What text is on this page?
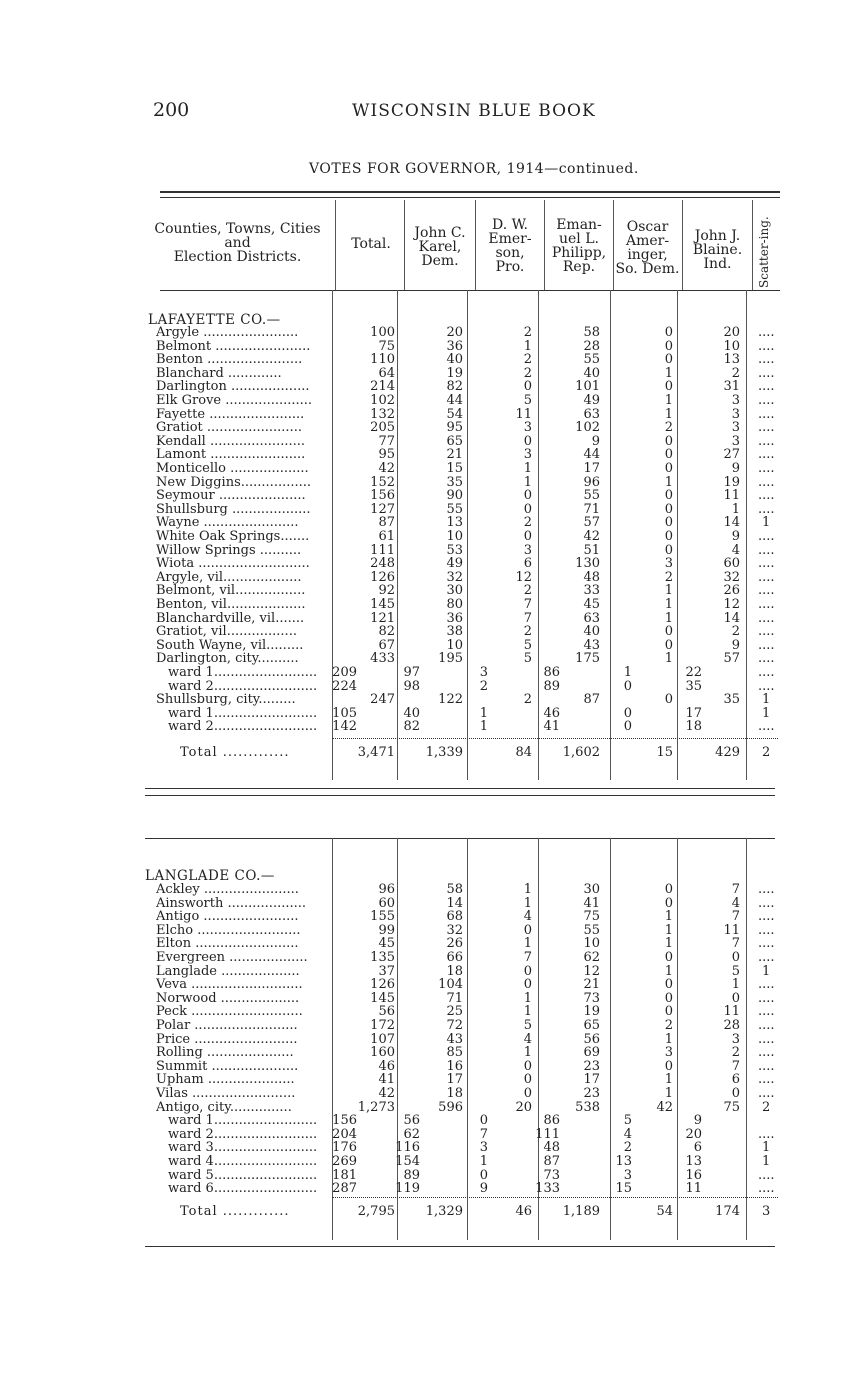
200	WISCONSIN BLUE BOOK
VOTES FOR GOVERNOR, 1914—continued.
Counties, Towns, Cities
and
Election Districts.
Total.
John C.
Karel,
Dem.
D. W.
Emer-
son,
Pro.
Eman-
uel L.
Philipp,
Rep.
Oscar
Amer-
inger,
So. Dem.
John J.
Blaine.
Ind.	Scatter-ing.
LAFAYETTE CO.—
Argyle .......................	100	20	2	58	0	20 ....
Belmont .......................	75	36	1	28	0	10 ....
Benton .......................	110	40	2	55	0	13 ....
Blanchard .............	64	19	2	40	1	2 ....
Darlington ...................	214	82	0	101	0	31 ....
Elk Grove .....................	102	44	5	49	1	3 ....
Fayette .......................	132	54	11	63	1	3 ....
Gratiot .......................	205	95	3	102	2	3 ....
Kendall .......................	77	65	0	9	0	3 ....
Lamont .......................	95	21	3	44	0	27 ....
Monticello ...................	42	15	1	17	0	9 ....
New Diggins.................	152	35	1	96	1	19 ....
Seymour .....................	156	90	0	55	0	11 ....
Shullsburg ...................	127	55	0	71	0	1 ....
Wayne .......................	87	13	2	57	0	14 1
White Oak Springs.......	61	10	0	42	0	9 ....
Willow Springs ..........	111	53	3	51	0	4 ....
Wiota ...........................	248	49	6	130	3	60 ....
Argyle, vil...................	126	32	12	48	2	32 ....
Belmont, vil.................	92	30	2	33	1	26 ....
Benton, vil...................	145	80	7	45	1	12 ....
Blanchardville, vil.......	121	36	7	63	1	14 ....
Gratiot, vil.................	82	38	2	40	0	2 ....
South Wayne, vil.........	67	10	5	43	0	9 ....
Darlington, city..........	433	195	5	175	1	57 ....
ward 1.........................	209	97	3	86	1	22	....
ward 2.........................	224	98	2	89	0	35	....
Shullsburg, city.........	247	122	2	87	0	35 1
ward 1.........................	105	40	1	46	0	17	1
ward 2.........................	142	82	1	41	0	18	....
Total .............	3,471	1,339	84	1,602	15	429 2
LANGLADE CO.—
Ackley .......................	96	58	1	30	0	7 ....
Ainsworth ...................	60	14	1	41	0	4 ....
Antigo .......................	155	68	4	75	1	7 ....
Elcho .........................	99	32	0	55	1	11 ....
Elton .........................	45	26	1	10	1	7 ....
Evergreen ...................	135	66	7	62	0	0 ....
Langlade ...................	37	18	0	12	1	5 1
Veva ...........................	126	104	0	21	0	1 ....
Norwood ...................	145	71	1	73	0	0 ....
Peck ...........................	56	25	1	19	0	11 ....
Polar .........................	172	72	5	65	2	28 ....
Price .........................	107	43	4	56	1	3 ....
Rolling .....................	160	85	1	69	3	2 ....
Summit .....................	46	16	0	23	0	7 ....
Upham .....................	41	17	0	17	1	6 ....
Vilas .........................	42	18	0	23	1	0 ....
Antigo, city...............	1,273	596	20	538	42	75 2
ward 1.........................	156	56	0	86	5	9
ward 2.........................	204	62	7	111	4	20	....
ward 3.........................	176	116	3	48	2	6	1
ward 4.........................	269	154	1	87	13	13	1
ward 5.........................	181	89	0	73	3	16	....
ward 6.........................	287	119	9	133	15	11	....
Total .............	2,795	1,329	46	1,189	54	174 3
